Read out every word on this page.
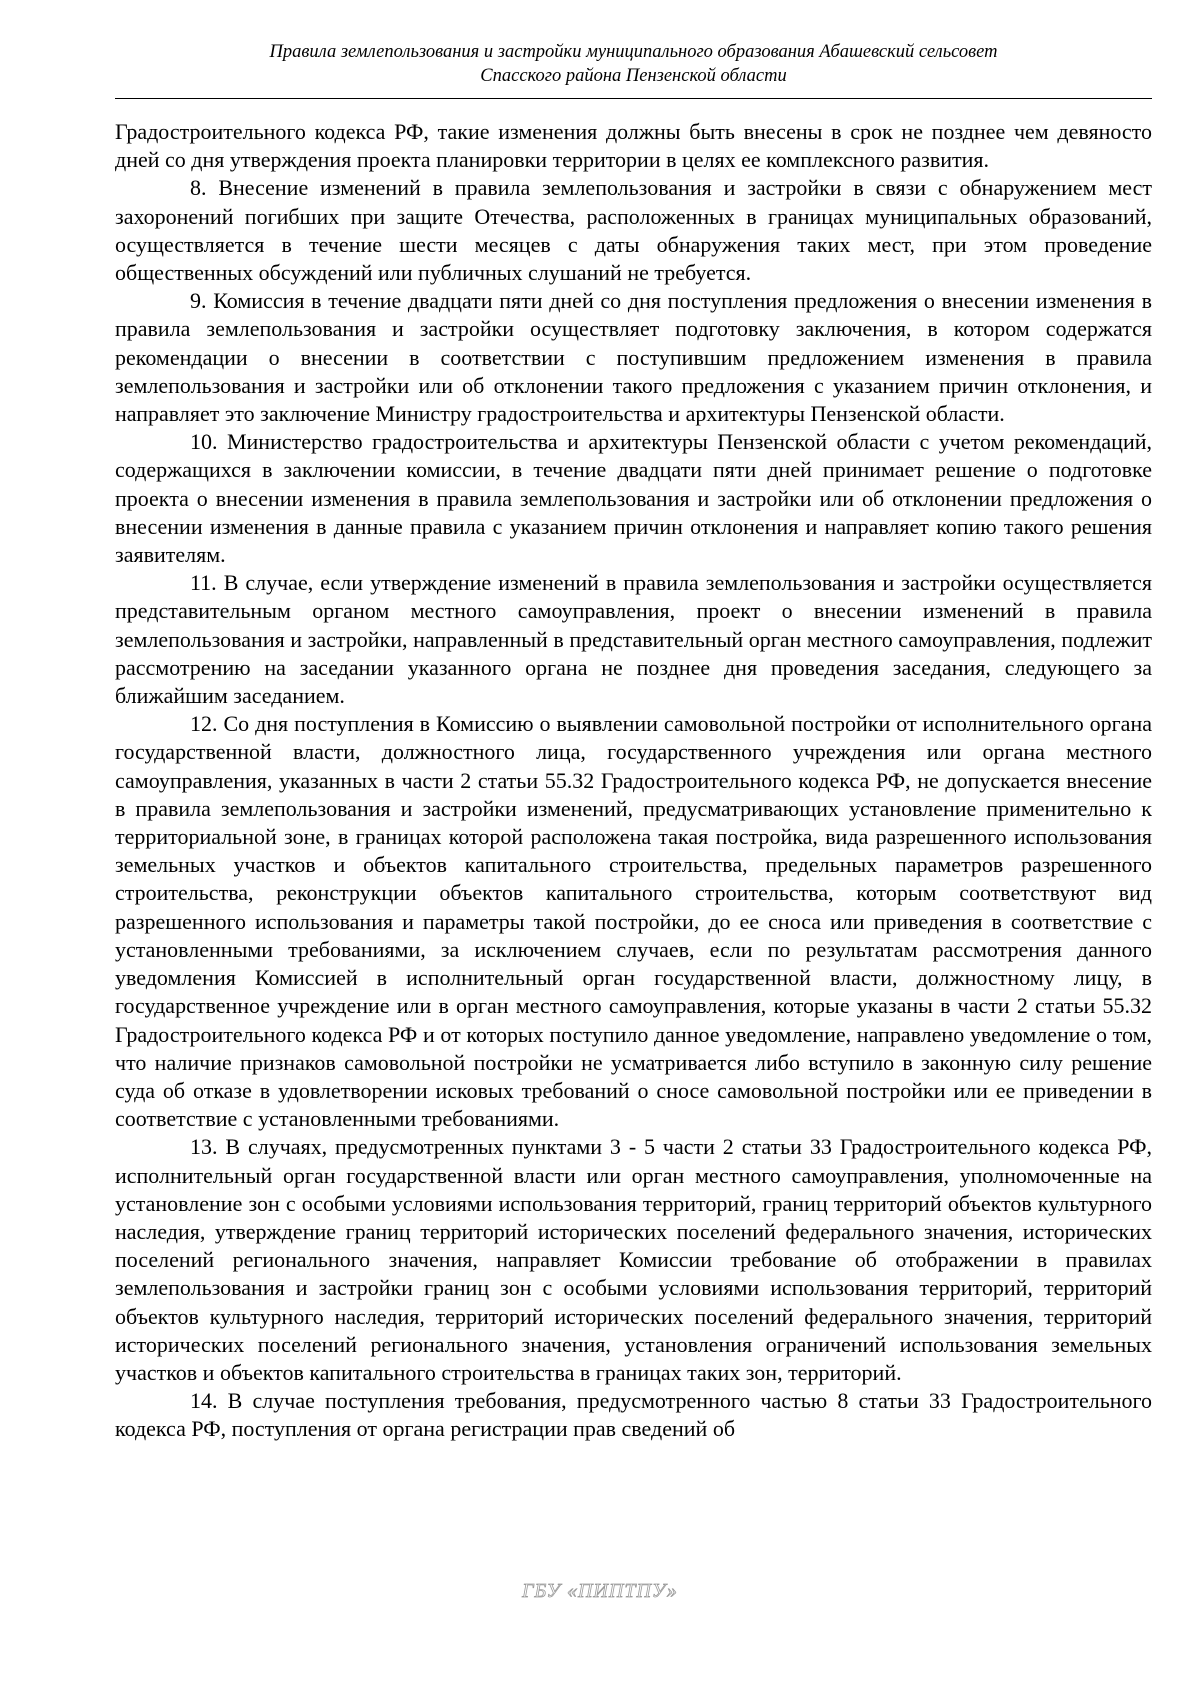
Правила землепользования и застройки муниципального образования Абашевский сельсовет
Спасского района Пензенской области

Градостроительного кодекса РФ, такие изменения должны быть внесены в срок не позднее чем девяносто дней со дня утверждения проекта планировки территории в целях ее комплексного развития.

8. Внесение изменений в правила землепользования и застройки в связи с обнаружением мест захоронений погибших при защите Отечества, расположенных в границах муниципальных образований, осуществляется в течение шести месяцев с даты обнаружения таких мест, при этом проведение общественных обсуждений или публичных слушаний не требуется.

9. Комиссия в течение двадцати пяти дней со дня поступления предложения о внесении изменения в правила землепользования и застройки осуществляет подготовку заключения, в котором содержатся рекомендации о внесении в соответствии с поступившим предложением изменения в правила землепользования и застройки или об отклонении такого предложения с указанием причин отклонения, и направляет это заключение Министру градостроительства и архитектуры Пензенской области.

10. Министерство градостроительства и архитектуры Пензенской области с учетом рекомендаций, содержащихся в заключении комиссии, в течение двадцати пяти дней принимает решение о подготовке проекта о внесении изменения в правила землепользования и застройки или об отклонении предложения о внесении изменения в данные правила с указанием причин отклонения и направляет копию такого решения заявителям.

11. В случае, если утверждение изменений в правила землепользования и застройки осуществляется представительным органом местного самоуправления, проект о внесении изменений в правила землепользования и застройки, направленный в представительный орган местного самоуправления, подлежит рассмотрению на заседании указанного органа не позднее дня проведения заседания, следующего за ближайшим заседанием.

12. Со дня поступления в Комиссию о выявлении самовольной постройки от исполнительного органа государственной власти, должностного лица, государственного учреждения или органа местного самоуправления, указанных в части 2 статьи 55.32 Градостроительного кодекса РФ, не допускается внесение в правила землепользования и застройки изменений, предусматривающих установление применительно к территориальной зоне, в границах которой расположена такая постройка, вида разрешенного использования земельных участков и объектов капитального строительства, предельных параметров разрешенного строительства, реконструкции объектов капитального строительства, которым соответствуют вид разрешенного использования и параметры такой постройки, до ее сноса или приведения в соответствие с установленными требованиями, за исключением случаев, если по результатам рассмотрения данного уведомления Комиссией в исполнительный орган государственной власти, должностному лицу, в государственное учреждение или в орган местного самоуправления, которые указаны в части 2 статьи 55.32 Градостроительного кодекса РФ и от которых поступило данное уведомление, направлено уведомление о том, что наличие признаков самовольной постройки не усматривается либо вступило в законную силу решение суда об отказе в удовлетворении исковых требований о сносе самовольной постройки или ее приведении в соответствие с установленными требованиями.

13. В случаях, предусмотренных пунктами 3 - 5 части 2 статьи 33 Градостроительного кодекса РФ, исполнительный орган государственной власти или орган местного самоуправления, уполномоченные на установление зон с особыми условиями использования территорий, границ территорий объектов культурного наследия, утверждение границ территорий исторических поселений федерального значения, исторических поселений регионального значения, направляет Комиссии требование об отображении в правилах землепользования и застройки границ зон с особыми условиями использования территорий, территорий объектов культурного наследия, территорий исторических поселений федерального значения, территорий исторических поселений регионального значения, установления ограничений использования земельных участков и объектов капитального строительства в границах таких зон, территорий.

14. В случае поступления требования, предусмотренного частью 8 статьи 33 Градостроительного кодекса РФ, поступления от органа регистрации прав сведений об

ГБУ «ПИПТПУ»
